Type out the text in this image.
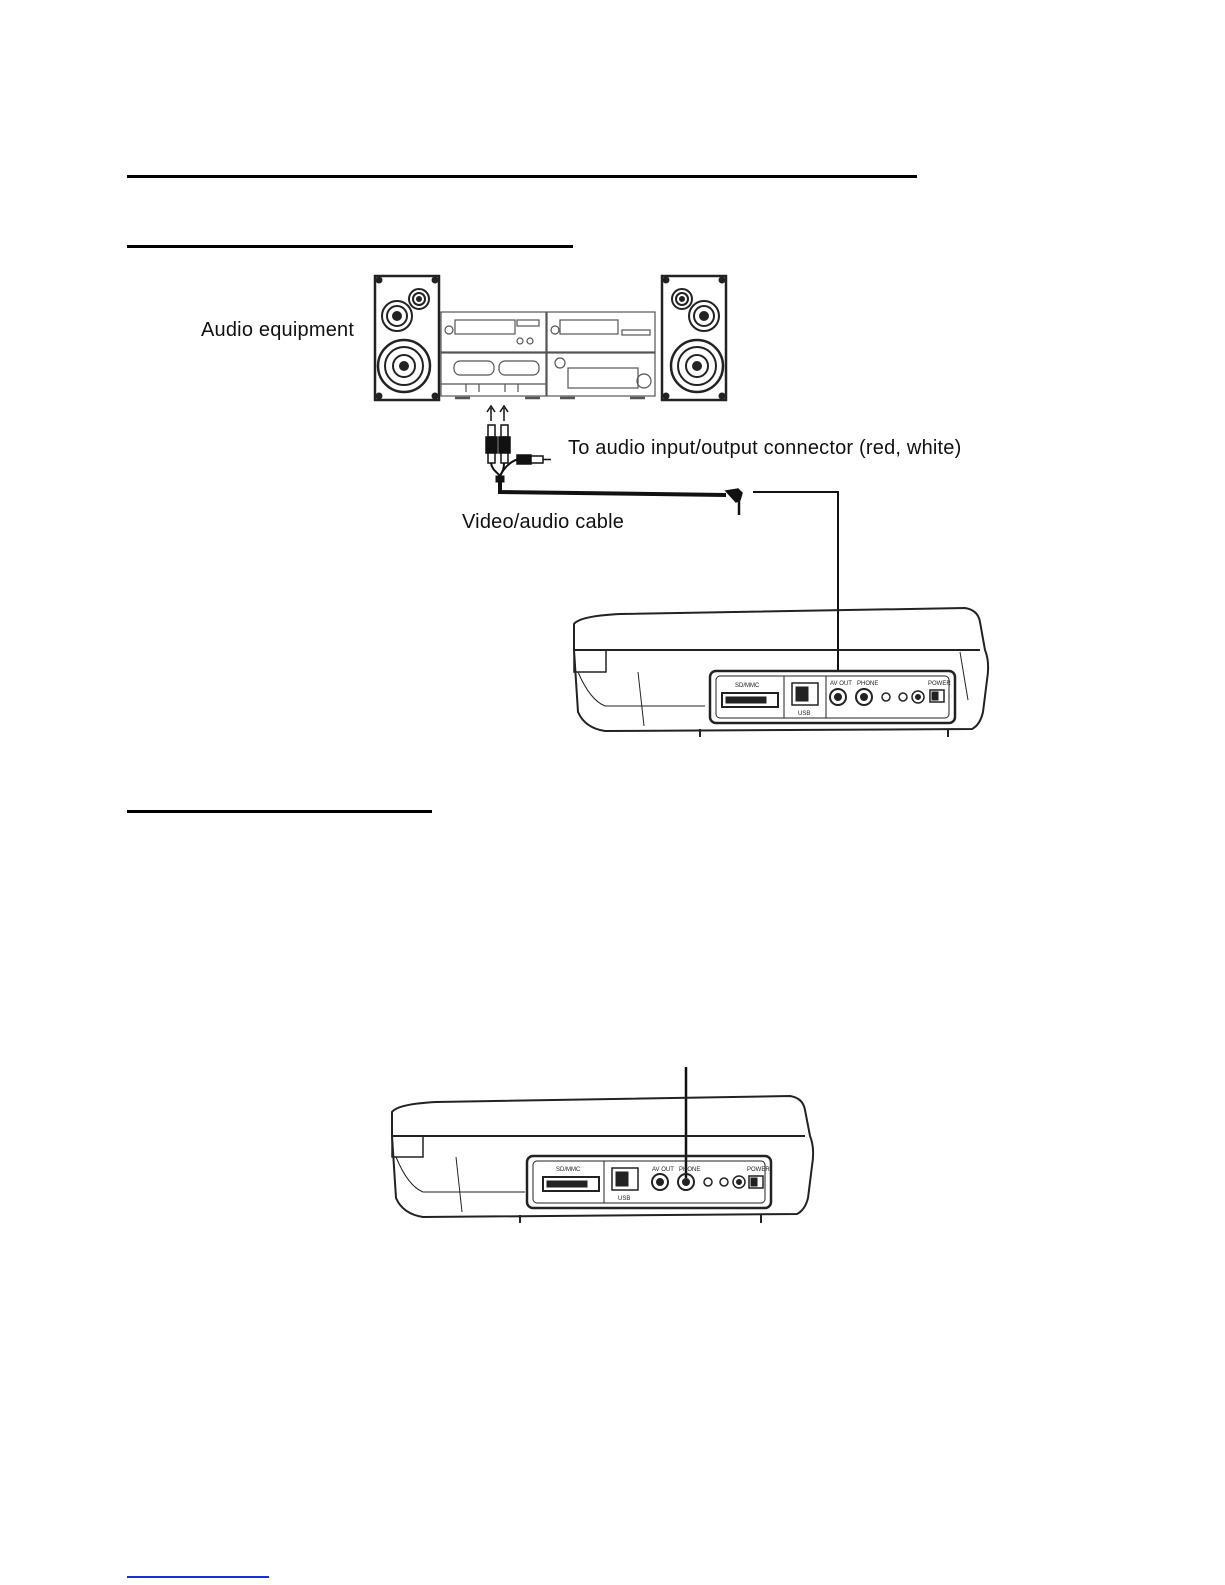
Audio equipment
To audio input/output connector (red, white)
Video/audio cable
SD/MMC
USB
AV OUT PHONE	POWER
SD/MMC
USB
AV OUT PHONE	POWER
